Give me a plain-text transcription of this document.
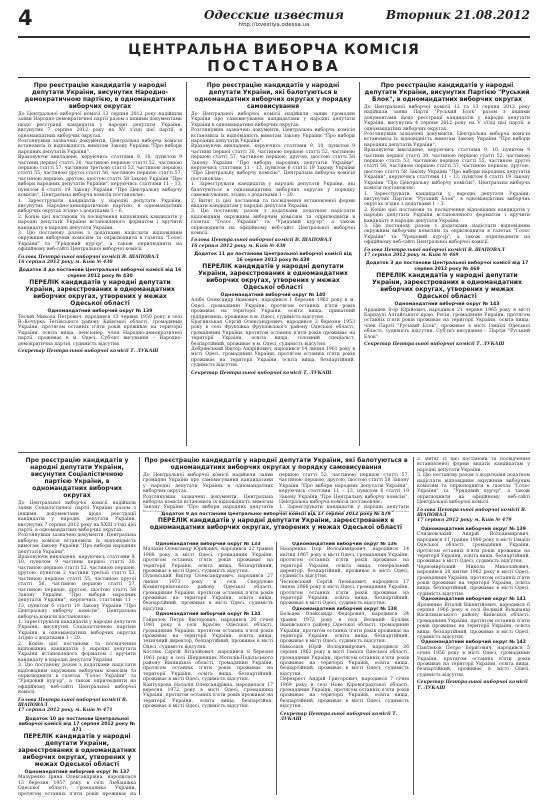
4	Одесские известия
http://izvestiya.odessa.ua
Вторник 21.08.2012
ЦЕНТРАЛЬНА ВИБОРЧА КОМІСІЯ
ПОСТАНОВА
Про реєстрацію кандидатів у народні депутати України, висунутих Народно-демократичною партією, в одномандатних виборчих округах
До Центральної виборчої комісії 13 серпня 2012 року надійшли заяви Народно-демократичної партії разом з іншими документами щодо реєстрації кандидатів у народні депутати України, висунутих 7 серпня 2012 року на ХV з'їзді цієї партії, в одномандатних виборчих округах.
Розглянувши зазначені документи, Центральна виборча комісія встановила їх відповідність вимогам Закону України "Про вибори народних депутатів України".
Враховуючи викладене, керуючись статтями 9, 10, пунктом 9 частини першої статті 30, частиною першою статті 52, частиною першою статті 57, частиною третьою статті 53, частиною першою статті 55, частиною другої статті 56, частиною першою статті 57, частиною першою, другою, шостою статті 58 Закону України "Про вибори народних депутатів України", керуючись статтями 11 – 13, пунктом 6 статті 19 Закону України "Про Центральну виборчу комісію", Центральна виборча комісія постановляє:
1. Зареєструвати кандидатів у народні депутати України, висунутих Народно-демократичною партією, в одномандатних виборчих округах згідно з додатками 1 – 6.
2. Копію цієї постанови та посвідчення відповідних кандидатів у народні депутати України встановленого форматом і вручити кандидату в народні депутати України.
3. Цю постанову разом з додатками надіслати відповідним окружним виборчим комісіям та оприлюднити в газетах "Голос України" та "Урядовий кур'єр", а також оприлюднити на офіційному веб-сайті Центральної виборчої комісії.
Голова Центральної виборчої комісії В. ШАПОВАЛ
16 серпня 2012 року м. Київ № 430
Додаток 4 до постанови Центральної виборчої комісії від 16 серпня 2012 року № 430
ПЕРЕЛІК кандидатів у народні депутати України, зареєстрованих в одномандатних виборчих округах, утворених у межах Одеської області
Одномандатний виборчий округ № 139
Тюлий Микола Петрович, народився 13 червня 1950 року в селі В.-Кочурка Тетіївського району Київської області, громадянин України, протягом останніх п'яти років проживає на території України, освіта вища, пенсіонер, член Народно-демократичної партії, проживає в м. Одесі. Суб'єкт висування – Народно-демократична партія, судимість відсутня.
Секретар Центральної виборчої комісії Т. ЛУКАШ
Про реєстрацію кандидатів у народні депутати України, які балотуються в одномандатних виборчих округах у порядку самовисування
До Центральної виборчої комісії надійшли заяви громадян України про самовисування кандидатами у народні депутати України в одномандатних виборчих округах.
Розглянувши зазначені документи, Центральна виборча комісія встановила їх відповідність вимогам Закону України "Про вибори народних депутатів України".
Враховуючи викладене, керуючись статтями 9, 10, пунктом 9 частини першої статті 30, частиною першою статті 52, частиною першою статті 57, частиною першою, другою, шостою статті 58 Закону України "Про вибори народних депутатів України", керуючись статтями 11 – 13, пунктом 6 статті 19 Закону України "Про Центральну виборчу комісію", Центральна виборча комісія постановляє:
1. Зареєструвати кандидатів у народні депутати України, які балотуються в одномандатних виборчих округах у порядку самовисування, згідно з додатками 1 – 20.
2. Витяг із цієї постанови та посвідчення встановленої форми видати кандидатам у народні депутати України.
3. Цю постанову разом з додатками додатком надіслати відповідним окружним виборчим комісіям та оприлюднити в газетах "Голос України" та "Урядовий кур'єр", а також оприлюднити на офіційному веб-сайті Центральної виборчої комісії.
Голова Центральної виборчої комісії В. ШАПОВАЛ
16 серпня 2012 року м. Київ № 438
Додаток 11 до постанови Центральної виборчої комісії від 16 серпня 2012 року № 438
ПЕРЕЛІК кандидатів у народні депутати України, зареєстрованих в одномандатних виборчих округах, утворених у межах Одеської області
Одномандатний виборчий округ № 140
Алібо Олександр Іванович, народився 1 березня 1961 року в м. Одесі, громадянин України, протягом останніх п'яти років проживає на території України, освіта вища, приватний підприємець, проживає в м. Одесі, судимість відсутня.
Брагинськая Сергій Олександрович, народився 3 березня 1953 року в селі Фрунзівка Фрунзівського району Одеської області, громадянин України, протягом останніх п'яти років проживає на території України, освіта вища, головний спеціаліст, безпартійний, проживає в м. Одесі, судимість відсутня.
Добрянський Віктор Андрійович, народився 14 липня 1961 року в місті Одесі, громадянин України, протягом останніх п'яти років проживає на території України, освіта вища, безпартійний, судимість відсутня.
Секретар Центральної виборчої комісії Т. ЛУКАШ
Про реєстрацію кандидатів у народні депутати України, висунутих Партією "Руський Блок", в одномандатних виборчих округах
До Центральної виборчої комісії 12 та 13 серпня 2012 року надійшли заяви Партії "Руський Блок" разом з іншими документами щодо реєстрації кандидатів у народні депутати України, висунутих 4 серпня 2012 року на V з'їзді цієї партії, в одномандатних виборчих округах.
Розглянувши зазначені документи, Центральна виборча комісія встановила їх відповідність вимогам Закону України "Про вибори народних депутатів України".
Враховуючи викладене, керуючись статтями 9, 10, пунктом 9 частини першої статті 30, частиною першою статті 52, частиною першою статті 53, частиною першою статті 55, частиною другої статті 56, частиною першою статті 57, частиною першою, другою, шостою статті 58 Закону України "Про вибори народних депутатів України", керуючись статтями 11 – 13, пунктом 6 статті 19 Закону України "Про Центральну виборчу комісію", Центральна виборча комісія постановляє:
1. Зареєструвати кандидатів у народні депутати України, висунутих Партією "Руський Блок", в одномандатних виборчих округах згідно з додатками 1 – 3.
2. Копію цієї постанови та посвідчення відповідних кандидатів у народні депутати України встановленого форматом і вручити кандидату в народні депутати України.
3. Цю постанову разом з додатками надіслати відповідним окружним виборчим комісіям та оприлюднити в газетах "Голос України" та "Урядовий кур'єр", а також оприлюднити на офіційному веб-сайті Центральної виборчої комісії.
Голова Центральної виборчої комісії В. ШАПОВАЛ
17 серпня 2012 року м. Київ № 469
Додаток 3 до постанови Центральної виборчої комісії від 17 серпня 2012 року № 469
ПЕРЕЛІК кандидатів у народні депутати України, зареєстрованих в одномандатних виборчих округах, утворених у межах Одеської області
Одномандатний виборчий округ № 143
Ардашев Ігор Юрійович, народився 21 червня 1965 року в місті Барнаулі Алтайського краю, Росія, громадянин України, протягом останніх п'яти років проживає на території України, освіта вища, член Партії "Руський Блок", проживає в місті Ізмаїлі Одеської області, судимість відсутня. Суб'єкт висування – Партія "Руський Блок".
Секретар Центральної виборчої комісії Т. ЛУКАШ
Про реєстрацію кандидатів у народні депутати України, висунутих Соціалістичною партією України, в одномандатних виборчих округах
До Центральної виборчої комісії надійшли заяви Соціалістичної партії України разом з іншими документами щодо реєстрації кандидатів у народні депутати України, висунутих 7 серпня 2012 року на ХХIII з'їзді цієї партії, в одномандатних виборчих округах.
Розглянувши зазначені документи, Центральна виборча комісія встановила їх відповідність вимогам Закону України "Про вибори народних депутатів України".
Враховуючи викладене, керуючись статтями 9, 10, пунктом 9 частини першої статті 30, частиною першою статті 52, частиною першою, другою, пунктом 2 частини третьої статті 53, частиною першою статті 55, частиною другої статті 56, частиною першою статті 57, частиною першою, другою, шостою статті 58 Закону України "Про вибори народних депутатів України", керуючись статтями 11 – 13, пунктом 6 статті 19 Закону України "Про Центральну виборчу комісію", Центральна виборча комісія постановляє:
1. Зареєструвати кандидатів у народні депутати України, висунутих Соціалістичною партією України, в одномандатних виборчих округах згідно з додатками 1 – 20.
2. Копію цієї постанови та посвідчення відповідних кандидатів у народні депутати України встановленого форматом і вручити кандидату в народні депутати України.
3. Цю постанову разом з додатками надіслати відповідним окружним виборчим комісіям та оприлюднити в газетах "Голос України" та "Урядовий кур'єр", а також оприлюднити на офіційному веб-сайті Центральної виборчої комісії.
Голова Центральної виборчої комісії В. ШАПОВАЛ
17 серпня 2012 року м. Київ № 471
Додаток 10 до постанови Центральної виборчої комісії від 17 серпня 2012 року № 471
ПЕРЕЛІК кандидатів у народні депутати України, зареєстрованих в одномандатних виборчих округах, утворених у межах Одеської області
Одномандатний виборчий округ № 137
Мазуренко Ірина Олександрівна, народилася 13 березня 1957 року в селі Любашівка Одеської області, громадянка України, протягом останніх п'яти років проживає на
Про реєстрацію кандидатів у народні депутати України, які балотуються в одномандатних виборчих округах у порядку самовисування
До Центральної виборчої комісії надійшли заяви громадян України про самовисування кандидатами у народні депутати України в одномандатних виборчих округах.
Розглянувши зазначені документи, Центральна виборча комісія встановила їх відповідність вимогам Закону України "Про вибори народних депутатів
першою статті 52, частиною першою статті 57, частиною першою, другою, шостою статті 58 Закону України "Про вибори народних депутатів України", керуючись статтями 11 – 13, пунктом 6 статті 19 Закону України "Про Центральну виборчу комісію", Центральна виборча комісія постановляє:
1. Зареєструвати кандидатів у народні депутати
Додаток 9 до постанови Центральної виборчої комісії від 17 серпня 2012 року № 479
ПЕРЕЛІК кандидатів у народні депутати України, зареєстрованих в одномандатних виборчих округах, утворених у межах Одеської області
Одномандатний виборчий округ № 133
Малахін Олександр Юрійович, народився 22 травня 1988 року в місті Одесі, громадянин України, протягом останніх п'яти років проживає на території України, освіта вища, безпартійний, проживає в місті Одесі, судимість відсутня.
Пуховський Віктор Олександрович, народився 27 липня 1973 року в селі Свердлове Комінтернівського району Одеської області, громадянин України, протягом останніх п'яти років проживає на території України, освіта вища, безпартійний, проживає в місті Одесі, судимість відсутня.
Одномандатний виборчий округ № 134
Гаврилов Петро Вікторович, народився 26 січня 1981 року в селі Красне Одеської області, громадянин України, протягом останніх п'яти років проживає на території України, освіта вища, технічний директор, безпартійний, проживає в місті Одесі, судимість відсутня.
Костюк Сергій Віталійович, народився 8 березня 1961 року в селі Шершенцях Могилів-Подільського району Вінницької області, громадянин України, протягом останніх п'яти років проживає на території України, освіта вища, безпартійний, проживає в місті Одесі, судимість відсутня.
Кантуорова Наталія Олександрівна, народилася 17 вересня 1972 року в місті Одесі, громадянка України, протягом останніх п'яти років проживає на території України, освіта вища, безпартійна, проживає в місті Одесі, судимість відсутня.
Одномандатний виборчий округ № 136
Назаренко Ігор Володимирович, народився 14 квітня 1967 року в місті Одесі, громадянин України, протягом останніх п'яти років проживає на території України, освіта вища, генеральний директор, безпартійний, проживає в місті Одесі, судимість відсутня.
Чесновський Сергій Леонідович, народився 17 липня 1966 року в місті Одесі, громадянин України, протягом останніх п'яти років проживає на території України, освіта вища, безпартійний, проживає в місті Одесі, судимість відсутня.
Одномандатний виборчий округ № 138
Бельцев Олександр Федорович, народився 24 травня 1972 року в селі Великий Буялик Іванівського району Одеської області, громадянин України, протягом останніх п'яти років проживає на території України, освіта вища, безпартійний, проживає в місті Одесі, судимість відсутня.
Николаєв Юрій Володимирович, народився 26 серпня 1962 року в місті Ізмаїлі Одеської області, громадянин України, протягом останніх п'яти років проживає на території України, освіта вища, безпартійний, проживає в місті Одесі, судимість відсутня.
Перехрест Андрій Григорович, народився 7 січня 1969 року в селі Нове Кіровоградської області, громадянин України, протягом останніх п'яти років проживає на території України, освіта вища, безпартійний, проживає в місті Одесі, судимість відсутня.
Секретар Центральної виборчої комісії Т. ЛУКАШ
2. Витяг із цієї постанови та посвідчення встановленої форми видати кандидатам у народні депутати України.
3. Цю постанову разом з додатками додатком надіслати відповідним окружним виборчим комісіям та оприлюднити в газетах "Голос України" та "Урядовий кур'єр", а також оприлюднити на офіційному веб-сайті Центральної виборчої комісії.
Голова Центральної виборчої комісії В. ШАПОВАЛ
17 серпня 2012 року м. Київ № 479
Одномандатний виборчий округ № 139
Слизковський Андрій Володимирович, народився 11 травня 1980 року в місті Ізмаїлі Одеської області, громадянин України, протягом останніх п'яти років проживає на території України, освіта вища, безпартійний, проживає в місті Одесі, судимість відсутня.
Черномирський Микола Миколайович, народився 28 квітня 1962 року в місті Одесі, громадянин України, протягом останніх п'яти років проживає на території України, освіта вища, безпартійний, проживає в місті Одесі, судимість відсутня.
Одномандатний виборчий округ № 141
Ярошенко Віталій Вікентійович, народився 6 серпня 1966 року в селі Великій Вільшанці Васильківського району Київської області, громадянин України, протягом останніх п'яти років проживає на території України, освіта вища, безпартійний, проживає в місті Одесі, судимість відсутня.
Одномандатний виборчий округ № 142
Пантюков Петро Борисович, народився 5 січня 1956 року в місті Одесі, громадянин України, протягом останніх п'яти років проживає на території України, освіта вища, безпартійний, проживає в місті Одесі, судимість відсутня.
Секретар Центральної виборчої комісії Т. ЛУКАШ
